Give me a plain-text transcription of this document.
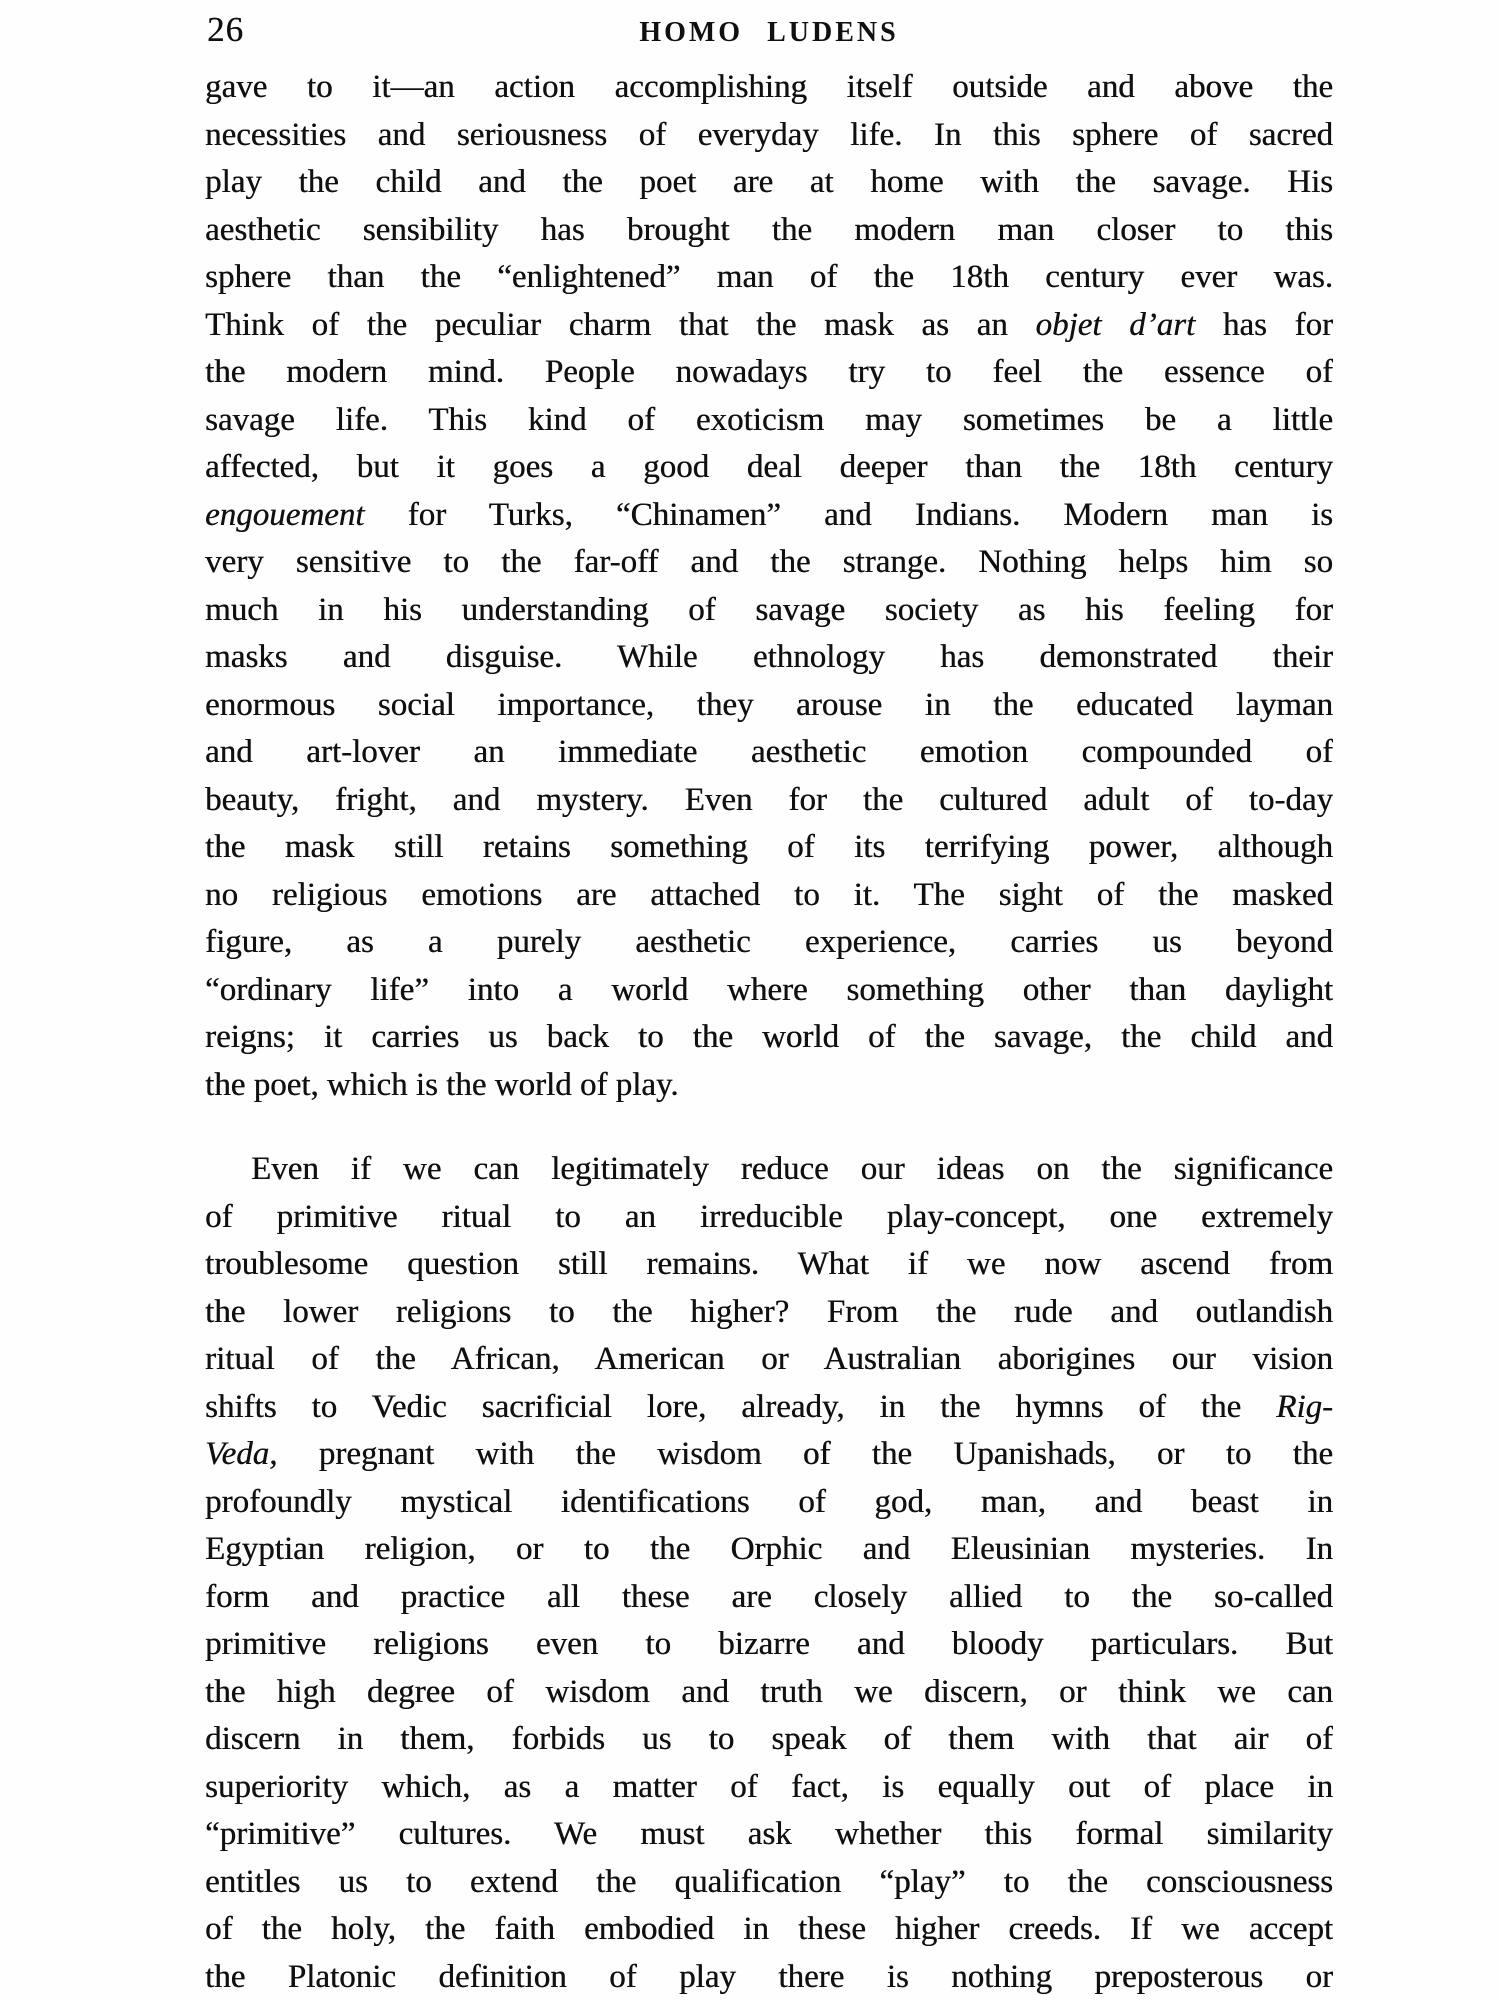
26	HOMO LUDENS
gave to it—an action accomplishing itself outside and above the
necessities and seriousness of everyday life. In this sphere of sacred
play the child and the poet are at home with the savage. His
aesthetic sensibility has brought the modern man closer to this
sphere than the “enlightened” man of the 18th century ever was.
Think of the peculiar charm that the mask as an objet d’art has for
the modern mind. People nowadays try to feel the essence of
savage life. This kind of exoticism may sometimes be a little
affected, but it goes a good deal deeper than the 18th century
engouement for Turks, “Chinamen” and Indians. Modern man is
very sensitive to the far-off and the strange. Nothing helps him so
much in his understanding of savage society as his feeling for
masks and disguise. While ethnology has demonstrated their
enormous social importance, they arouse in the educated layman
and art-lover an immediate aesthetic emotion compounded of
beauty, fright, and mystery. Even for the cultured adult of to-day
the mask still retains something of its terrifying power, although
no religious emotions are attached to it. The sight of the masked
figure, as a purely aesthetic experience, carries us beyond
“ordinary life” into a world where something other than daylight
reigns; it carries us back to the world of the savage, the child and
the poet, which is the world of play.
Even if we can legitimately reduce our ideas on the significance
of primitive ritual to an irreducible play-concept, one extremely
troublesome question still remains. What if we now ascend from
the lower religions to the higher? From the rude and outlandish
ritual of the African, American or Australian aborigines our vision
shifts to Vedic sacrificial lore, already, in the hymns of the Rig-
Veda, pregnant with the wisdom of the Upanishads, or to the
profoundly mystical identifications of god, man, and beast in
Egyptian religion, or to the Orphic and Eleusinian mysteries. In
form and practice all these are closely allied to the so-called
primitive religions even to bizarre and bloody particulars. But
the high degree of wisdom and truth we discern, or think we can
discern in them, forbids us to speak of them with that air of
superiority which, as a matter of fact, is equally out of place in
“primitive” cultures. We must ask whether this formal similarity
entitles us to extend the qualification “play” to the consciousness
of the holy, the faith embodied in these higher creeds. If we accept
the Platonic definition of play there is nothing preposterous or
